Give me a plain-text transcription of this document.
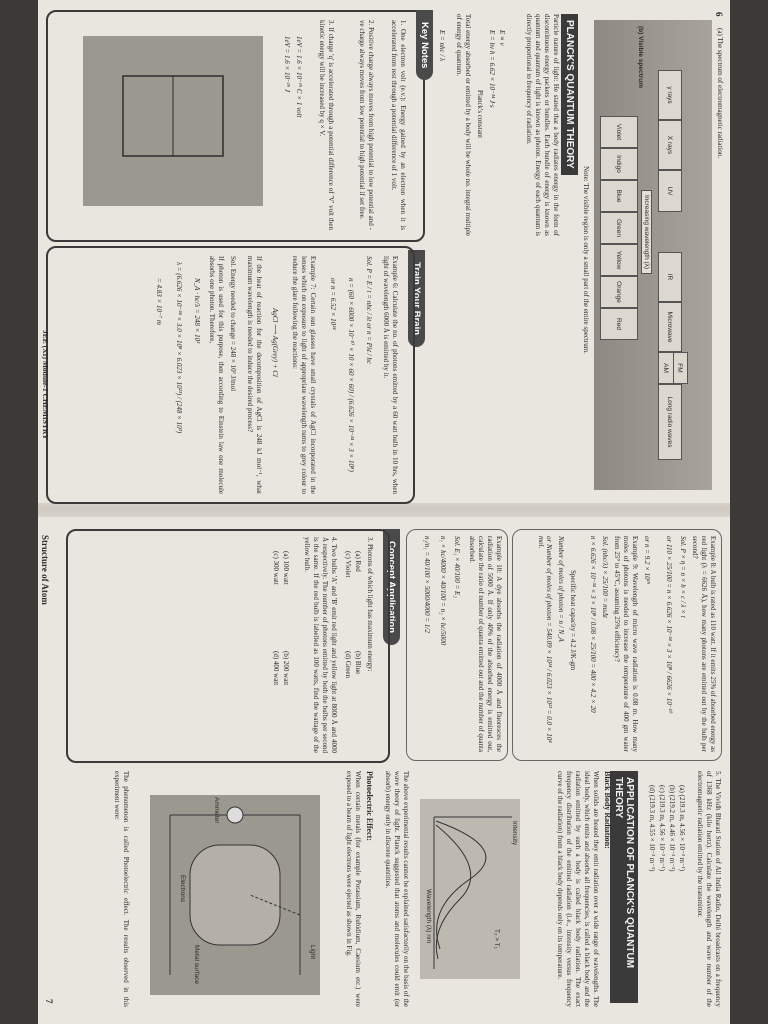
6
(a) The spectrum of electromagnetic radiation.
γ rays
X rays
UV
IR
Microwave
FM
AM
Long radio waves
(b) Visible spectrum
Violet
Indigo
Blue
Green
Yellow
Orange
Red
Increasing wavelength (λ)
Note: The visible region is only a small part of the entire spectrum.
PLANCK'S QUANTUM THEORY
Particle nature of light: He stated that a body radiates energy in the form of discontinuous energy packets or bundles. Each bundle of energy is known as quantum and quantum of light is known as photon. Energy of each quantum is directly proportional to frequency of radiation.
E ∝ ν
E = hν h = 6.62 × 10⁻³⁴ J·s
Planck's constant
Total energy absorbed or emitted by a body will be whole no. integral multiple of energy of quantum.
E = nhc / λ
Key Notes
1. One electron volt (e.v.): Energy gained by an electron when it is accelerated from rest through a potential difference of 1 volt.
2. Positive charge always moves from high potential to low potential and -ve charge always moves from low potential to high potential if set free.
3. If charge 'q' is accelerated through a potential difference of 'V' volt then kinetic energy will be increased by q × V.
1eV = 1.6 × 10⁻¹⁹ C × 1 volt
1eV = 1.6 × 10⁻¹⁹ J
Train Your Brain
Example 6: Calculate the no. of photons emitted by a 60 watt bulb in 10 hrs, when light of wavelength 6000 Å is emitted by it.
Sol. P = E / t = nhc / λt or n = Pλt / hc
n = (60 × 6000 × 10⁻¹⁰ × 10 × 60 × 60) / (6.626 × 10⁻³⁴ × 3 × 10⁸)
or n = 6.52 × 10²⁴
Example 7: Certain sun glasses have small crystals of AgCl incorporated in the lenses which on exposure to light of appropriate wavelength turns to grey colour to reduce the glare following the reactions:
AgCl ⟶ Ag(Grey) + Cl
If the heat of reaction for the decomposition of AgCl is 248 kJ mol⁻¹, what maximum wavelength is needed to induce the desired process?
Sol. Energy needed to change = 248 × 10³ J/mol
If photon is used for this purpose, then according to Einstein law one molecule absorbs one photon. Therefore,
N_A · hc/λ = 248 × 10³
λ = (6.626 × 10⁻³⁴ × 3.0 × 10⁸ × 6.023 × 10²³) / (248 × 10³)
= 4.83 × 10⁻⁷ m
JEE (XI) Module-1 CHEMISTRY
Structure of Atom	Example 8: A bulb is rated as 110 watt. If it emits 25% of absorbed energy as red light (λ = 6626 Å), how many photons are emitted out by the bulb per second?
Sol. P × η = n × h × c / λ × t
or 110 × 25/100 = n × 6.626 × 10⁻³⁴ × 3 × 10⁸ / 6626 × 10⁻¹⁰
or n = 9.2 × 10¹⁹
Example 9: Wavelength of micro wave radiation is 0.08 m. How many moles of photons is needed to increase the temperature of 400 gm water from 25° to 45°C, assuming 25% efficiency?
Sol. (nhc/λ) × 25/100 = msΔt
n × 6.626 × 10⁻³⁴ × 3 × 10⁸ / 0.08 × 25/100 = 400 × 4.2 × 20
Specific heat capacity = 4.2 J/K-gm
Number of moles of photon = n / N_A
or Number of moles of photon = 540.09 × 10²⁴ / 6.023 × 10²³ = 0.0 × 10⁴ mol.
Example 10: A dye absorbs the radiation of 4000 Å and fluoresces the radiation of 5000 Å. If only 40% of the absorbed energy is emitted out, calculate the ratio of number of quanta emitted out and the number of quanta absorbed.
Sol. E₁ × 40/100 = E₂
n₁ × hc/4000 × 40/100 = n₂ × hc/5000
n₂/n₁ = 40/100 × 5000/4000 = 1/2
Concept Application
3. Photons of which light has maximum energy:
(a) Red
(b) Blue
(c) Violet
(d) Green
4. Two bulbs 'A' and 'B' emit red light and yellow light at 8000 Å and 4000 Å respectively. The number of photons emitted by both the bulbs per second is the same. If the red bulb is labelled as 100 watts, find the wattage of the yellow bulb.
(a) 100 watt
(b) 200 watt
(c) 300 watt
(d) 400 watt
5. The Vividh Bharati Station of All India Radio, Delhi broadcasts on a frequency of 1368 kHz (kilo hertz). Calculate the wavelength and wave number of the electromagnetic radiation emitted by the transmitter.
(a) (219.3 m, 4.56 × 10⁻³ m⁻¹)
(b) (219.2 m, 4.46 × 10⁻³ m⁻¹)
(c) (219.3 m, 4.56 × 10⁻³ m⁻¹)
(d) (219.3 m, 4.55 × 10⁻³ m⁻¹)
APPLICATION OF PLANCK'S QUANTUM THEORY
Black Body Radiation:
When solids are heated they emit radiation over a wide range of wavelengths. The ideal body, which emits and absorbs all frequencies, is called a black body and the radiation emitted by such a body is called black body radiation. The exact frequency distribution of the emitted radiation (i.e., intensity versus frequency curve of the radiation) from a black body depends only on its temperature.
Intensity
Wavelength (λ) nm	T₂ > T₁
The above experimental results cannot be explained satisfactorily on the basis of the wave theory of light. Planck suggested that atoms and molecules could emit (or absorb) energy only in discrete quantities.
Photoelectric Effect:
When certain metals (for example Potassium, Rubidium, Caesium etc.) were exposed to a beam of light electrons were ejected as shown in Fig.
Light
Ammeter
Metal surface
Electrons
The phenomenon is called Photoelectric effect. The results observed in this experiment were:
7
